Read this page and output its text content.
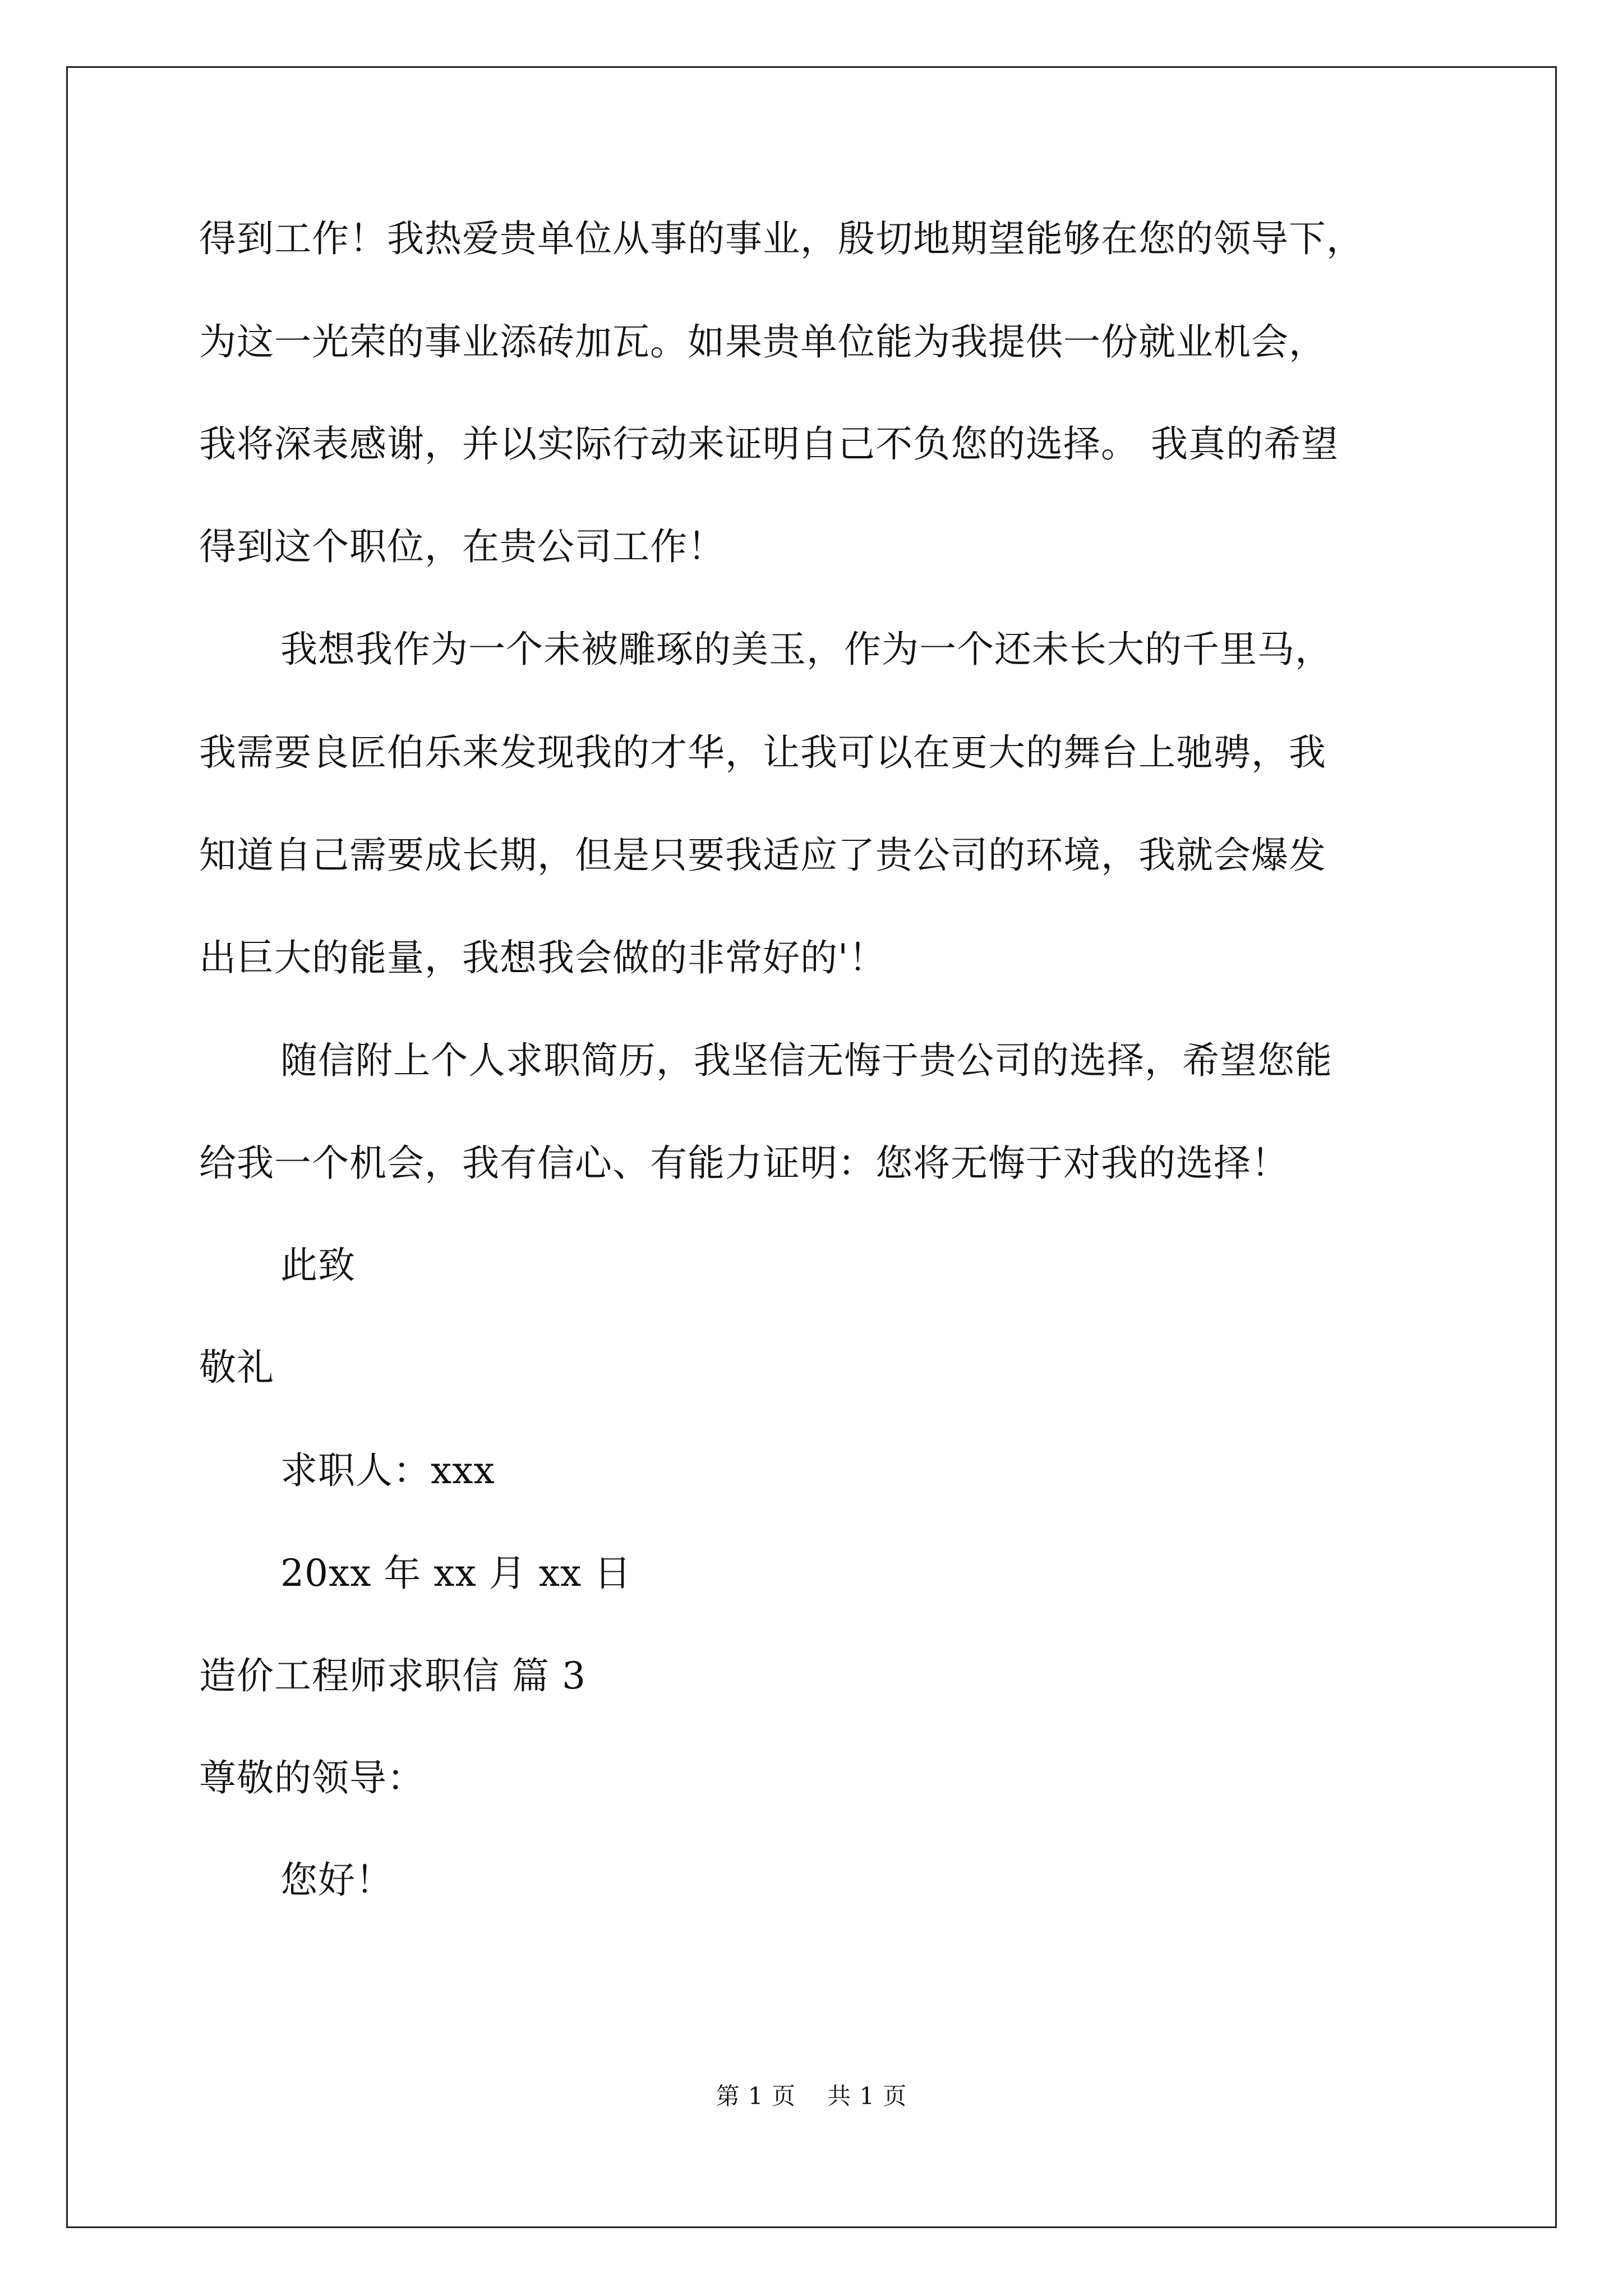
得到工作！我热爱贵单位从事的事业，殷切地期望能够在您的领导下，
为这一光荣的事业添砖加瓦。如果贵单位能为我提供一份就业机会，
我将深表感谢，并以实际行动来证明自己不负您的选择。 我真的希望
得到这个职位，在贵公司工作！
我想我作为一个未被雕琢的美玉，作为一个还未长大的千里马，
我需要良匠伯乐来发现我的才华，让我可以在更大的舞台上驰骋，我
知道自己需要成长期，但是只要我适应了贵公司的环境，我就会爆发
出巨大的能量，我想我会做的非常好的'！
随信附上个人求职简历，我坚信无悔于贵公司的选择，希望您能
给我一个机会，我有信心、有能力证明：您将无悔于对我的选择！
此致
敬礼
求职人：xxx
20xx 年 xx 月 xx 日
造价工程师求职信 篇 3
尊敬的领导：
您好！
第 1 页 共 1 页
